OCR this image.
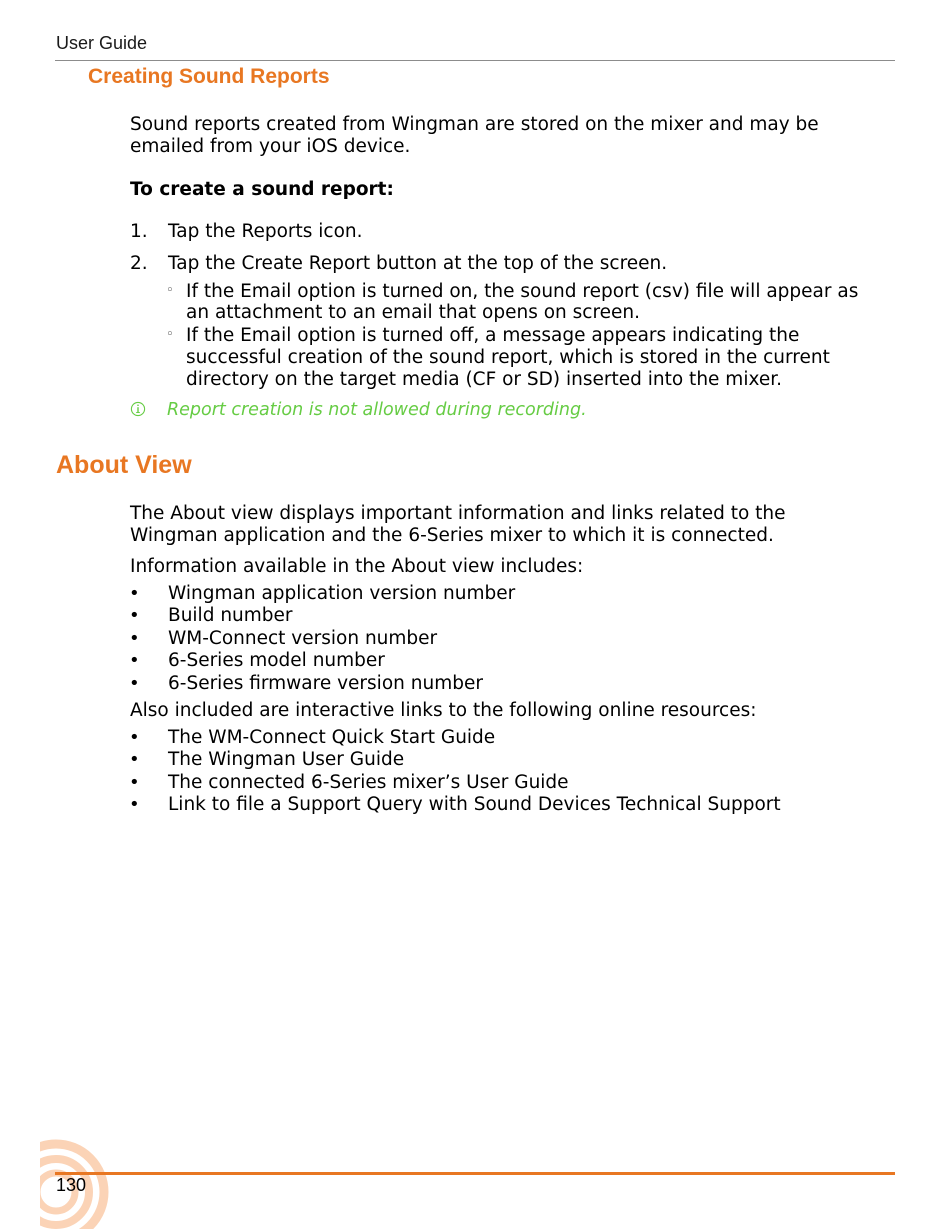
User Guide
Creating Sound Reports
Sound reports created from Wingman are stored on the mixer and may be
emailed from your iOS device.
To create a sound report:
1. Tap the Reports icon.
2. Tap the Create Report button at the top of the screen.
◦ If the Email option is turned on, the sound report (csv) file will appear as
an attachment to an email that opens on screen.
◦ If the Email option is turned off, a message appears indicating the
successful creation of the sound report, which is stored in the current
directory on the target media (CF or SD) inserted into the mixer.
Report creation is not allowed during recording.
About View
The About view displays important information and links related to the
Wingman application and the 6-Series mixer to which it is connected.
Information available in the About view includes:
• Wingman application version number
• Build number
• WM-Connect version number
• 6-Series model number
• 6-Series firmware version number
Also included are interactive links to the following online resources:
• The WM-Connect Quick Start Guide
• The Wingman User Guide
• The connected 6-Series mixer’s User Guide
• Link to file a Support Query with Sound Devices Technical Support
130
